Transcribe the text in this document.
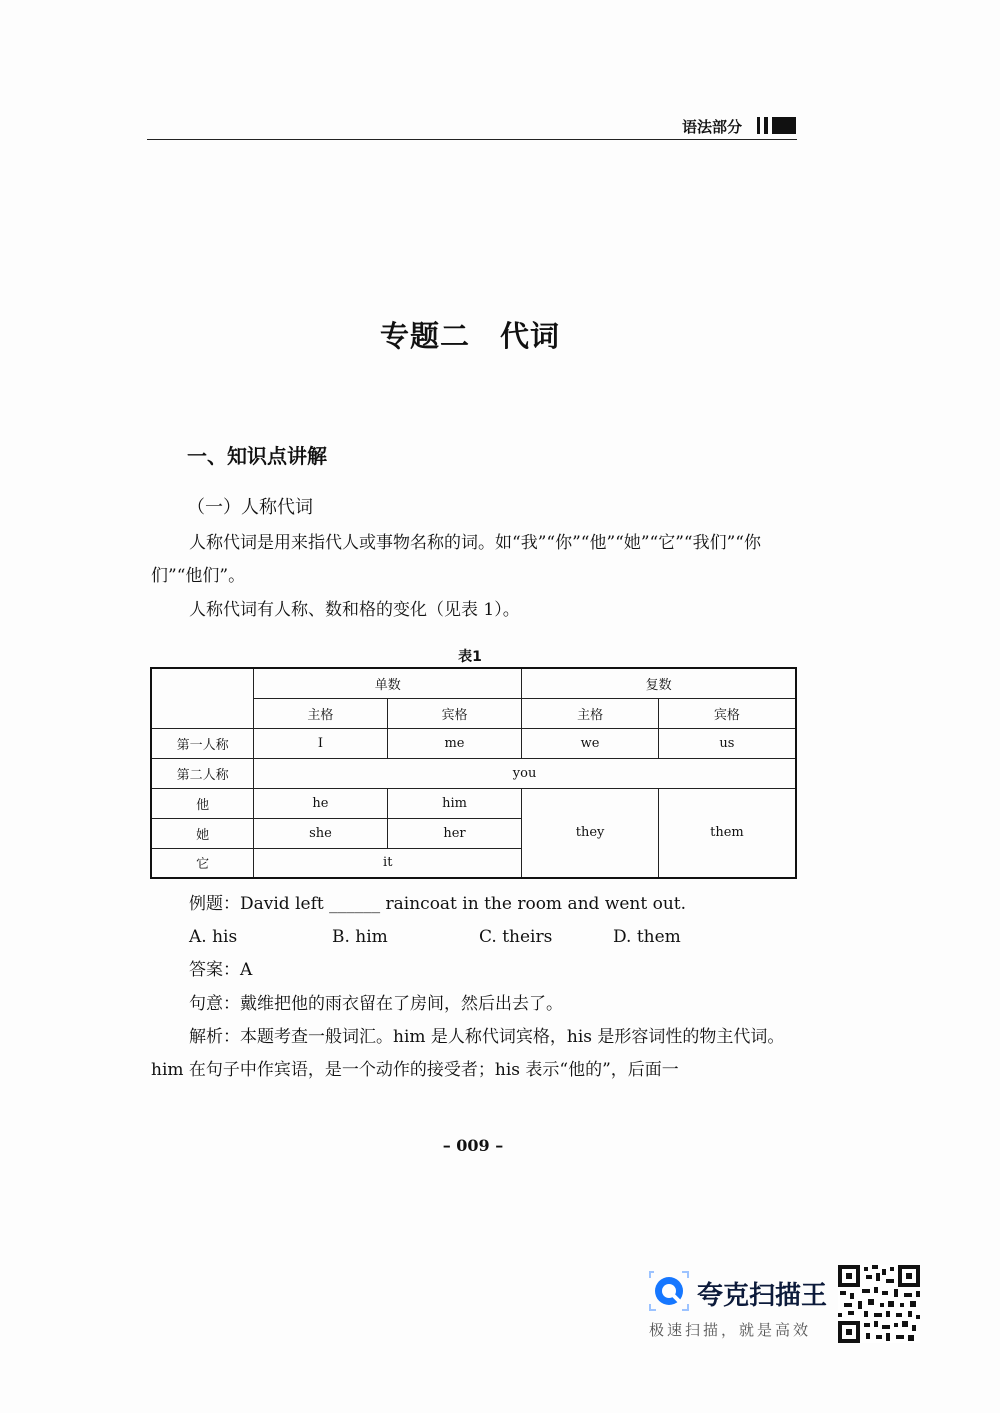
语法部分
专题二　代词
一、知识点讲解
（一）人称代词
人称代词是用来指代人或事物名称的词。如“我”“你”“他”“她”“它”“我们”“你们”“他们”。
人称代词有人称、数和格的变化（见表 1）。
表1
	单数		复数	
	主格	宾格	主格	宾格
第一人称	I	me	we	us
第二人称	you			
他	he	him	they	them
她	she	her		
它	it			
例题：David left ______ raincoat in the room and went out.
A. his	B. him	C. theirs	D. them
答案：A
句意：戴维把他的雨衣留在了房间，然后出去了。
解析：本题考查一般词汇。him 是人称代词宾格，his 是形容词性的物主代词。him 在句子中作宾语，是一个动作的接受者；his 表示“他的”，后面一
– 009 –
夸克扫描王
极速扫描，就是高效
